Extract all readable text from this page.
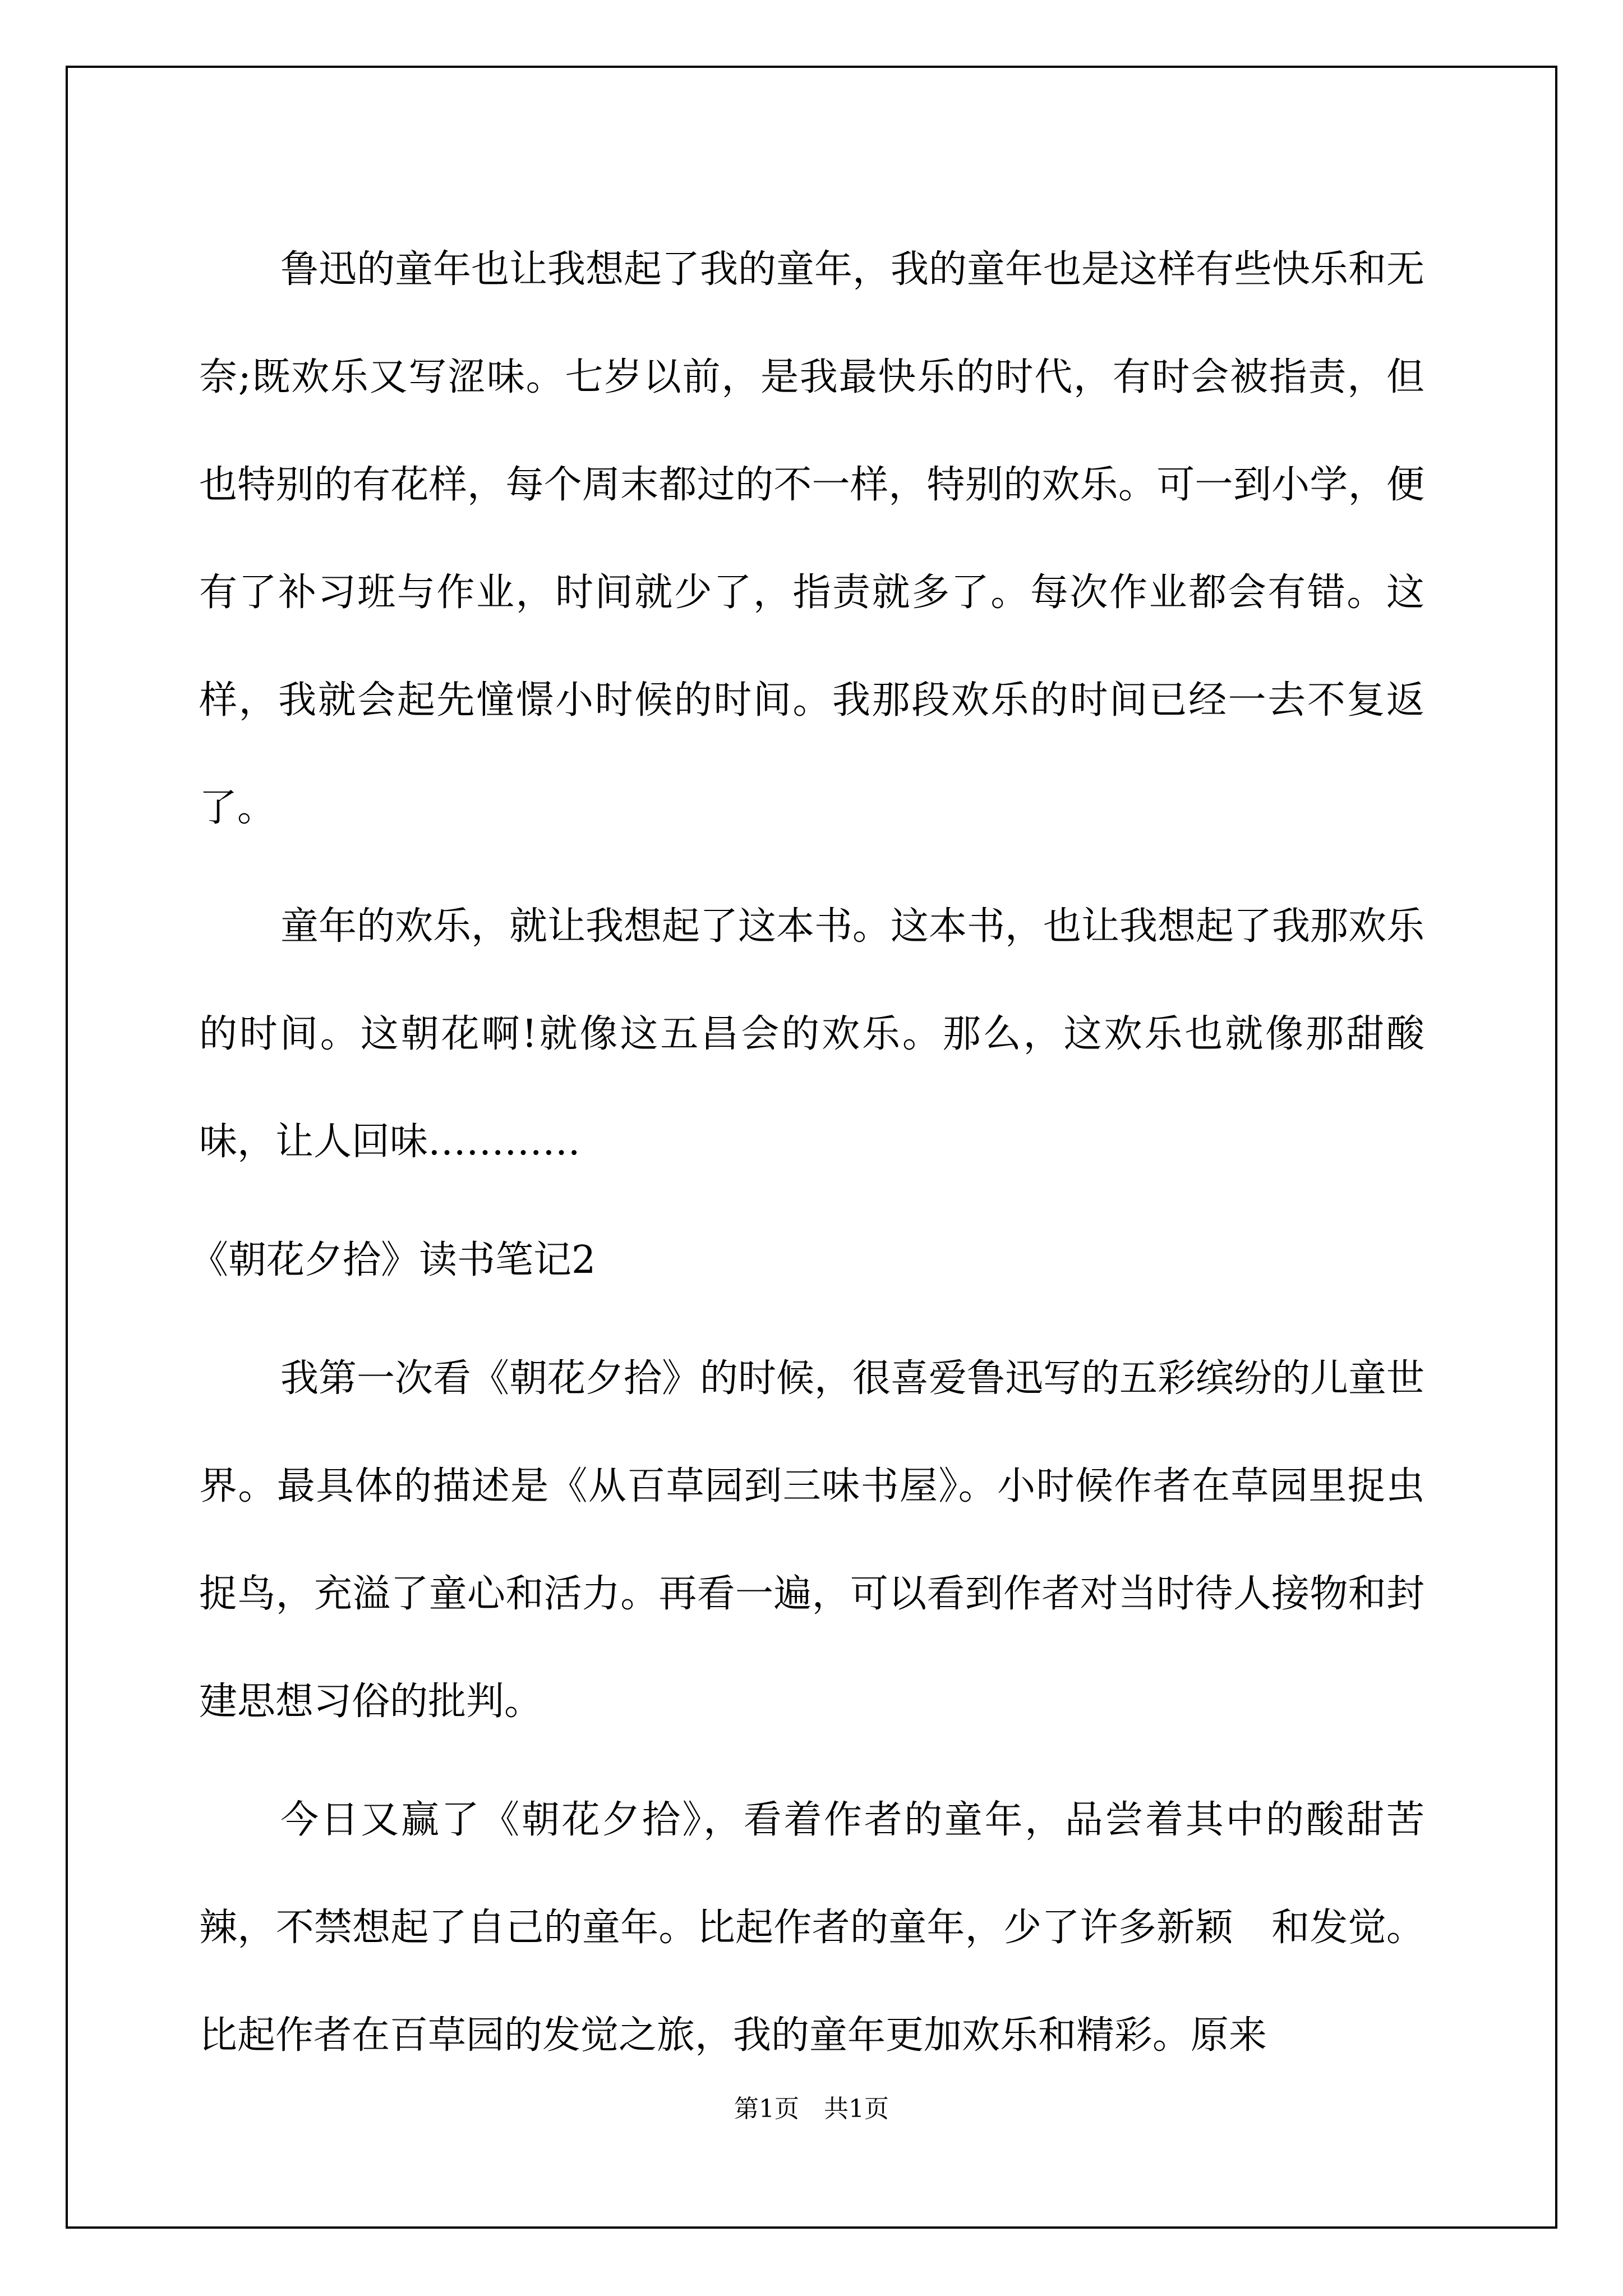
鲁迅的童年也让我想起了我的童年，我的童年也是这样有些快乐和无奈;既欢乐又写涩味。七岁以前，是我最快乐的时代，有时会被指责，但也特别的有花样，每个周末都过的不一样，特别的欢乐。可一到小学，便有了补习班与作业，时间就少了，指责就多了。每次作业都会有错。这样，我就会起先憧憬小时候的时间。我那段欢乐的时间已经一去不复返了。

童年的欢乐，就让我想起了这本书。这本书，也让我想起了我那欢乐的时间。这朝花啊!就像这五昌会的欢乐。那么，这欢乐也就像那甜酸味，让人回味…………

《朝花夕拾》读书笔记2

我第一次看《朝花夕拾》的时候，很喜爱鲁迅写的五彩缤纷的儿童世界。最具体的描述是《从百草园到三味书屋》。小时候作者在草园里捉虫捉鸟，充溢了童心和活力。再看一遍，可以看到作者对当时待人接物和封建思想习俗的批判。

今日又赢了《朝花夕拾》，看着作者的童年，品尝着其中的酸甜苦辣，不禁想起了自己的童年。比起作者的童年，少了许多新颖　和发觉。比起作者在百草园的发觉之旅，我的童年更加欢乐和精彩。原来

第1页　共1页
